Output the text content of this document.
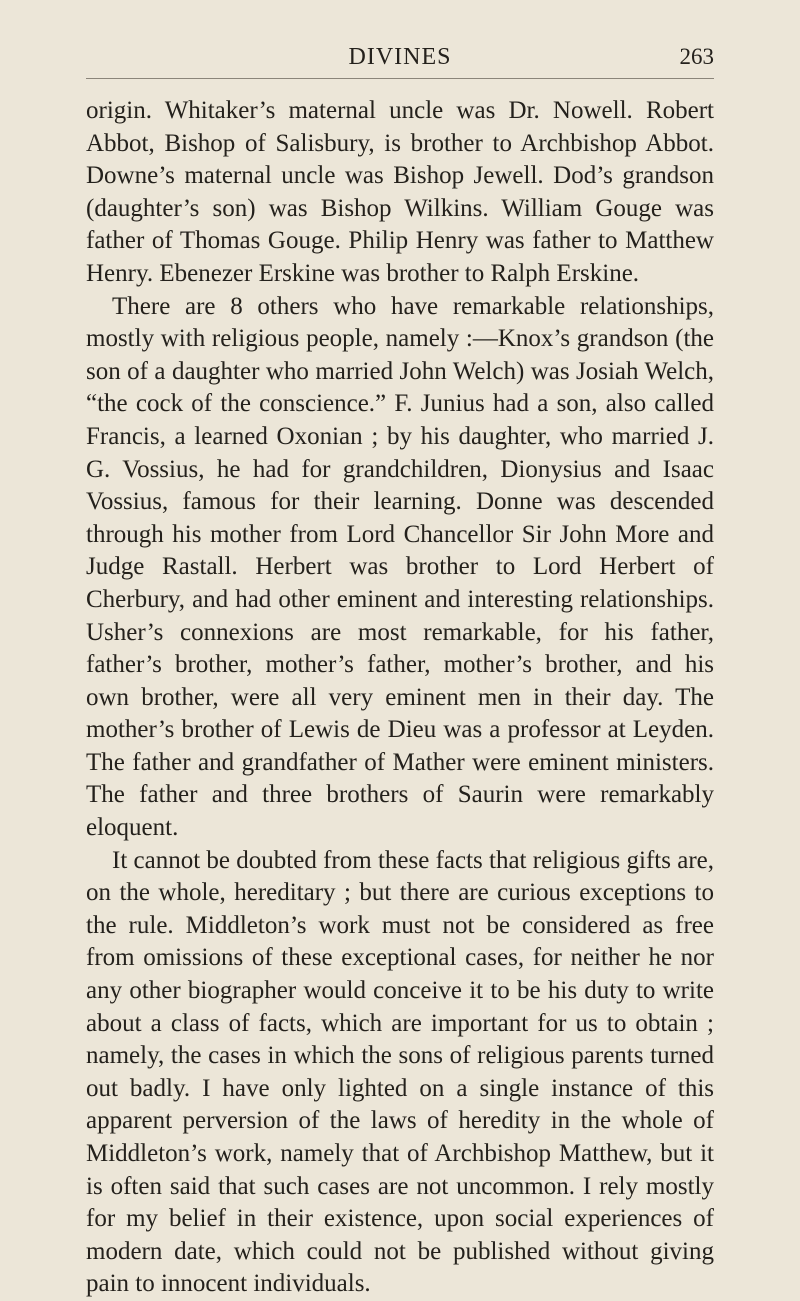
DIVINES	263

origin. Whitaker’s maternal uncle was Dr. Nowell. Robert Abbot, Bishop of Salisbury, is brother to Archbishop Abbot. Downe’s maternal uncle was Bishop Jewell. Dod’s grandson (daughter’s son) was Bishop Wilkins. William Gouge was father of Thomas Gouge. Philip Henry was father to Matthew Henry. Ebenezer Erskine was brother to Ralph Erskine.

There are 8 others who have remarkable relationships, mostly with religious people, namely :—Knox’s grandson (the son of a daughter who married John Welch) was Josiah Welch, “the cock of the conscience.” F. Junius had a son, also called Francis, a learned Oxonian ; by his daughter, who married J. G. Vossius, he had for grandchildren, Dionysius and Isaac Vossius, famous for their learning. Donne was descended through his mother from Lord Chancellor Sir John More and Judge Rastall. Herbert was brother to Lord Herbert of Cherbury, and had other eminent and interesting relationships. Usher’s connexions are most remarkable, for his father, father’s brother, mother’s father, mother’s brother, and his own brother, were all very eminent men in their day. The mother’s brother of Lewis de Dieu was a professor at Leyden. The father and grandfather of Mather were eminent ministers. The father and three brothers of Saurin were remarkably eloquent.

It cannot be doubted from these facts that religious gifts are, on the whole, hereditary ; but there are curious exceptions to the rule. Middleton’s work must not be considered as free from omissions of these exceptional cases, for neither he nor any other biographer would conceive it to be his duty to write about a class of facts, which are important for us to obtain ; namely, the cases in which the sons of religious parents turned out badly. I have only lighted on a single instance of this apparent perversion of the laws of heredity in the whole of Middleton’s work, namely that of Archbishop Matthew, but it is often said that such cases are not uncommon. I rely mostly for my belief in their existence, upon social experiences of modern date, which could not be published without giving pain to innocent individuals.
